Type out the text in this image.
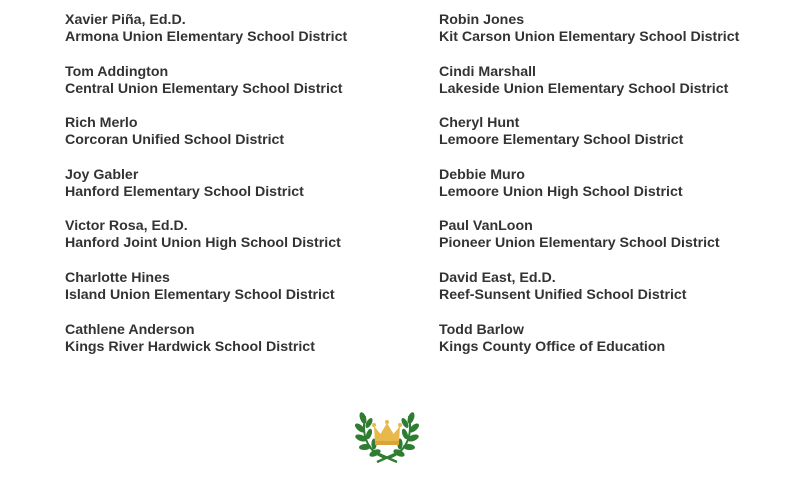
Xavier Piña, Ed.D.
Armona Union Elementary School District
Tom Addington
Central Union Elementary School District
Rich Merlo
Corcoran Unified School District
Joy Gabler
Hanford Elementary School District
Victor Rosa, Ed.D.
Hanford Joint Union High School District
Charlotte Hines
Island Union Elementary School District
Cathlene Anderson
Kings River Hardwick School District
Robin Jones
Kit Carson Union Elementary School District
Cindi Marshall
Lakeside Union Elementary School District
Cheryl Hunt
Lemoore Elementary School District
Debbie Muro
Lemoore Union High School District
Paul VanLoon
Pioneer Union Elementary School District
David East, Ed.D.
Reef-Sunsent Unified School District
Todd Barlow
Kings County Office of Education
